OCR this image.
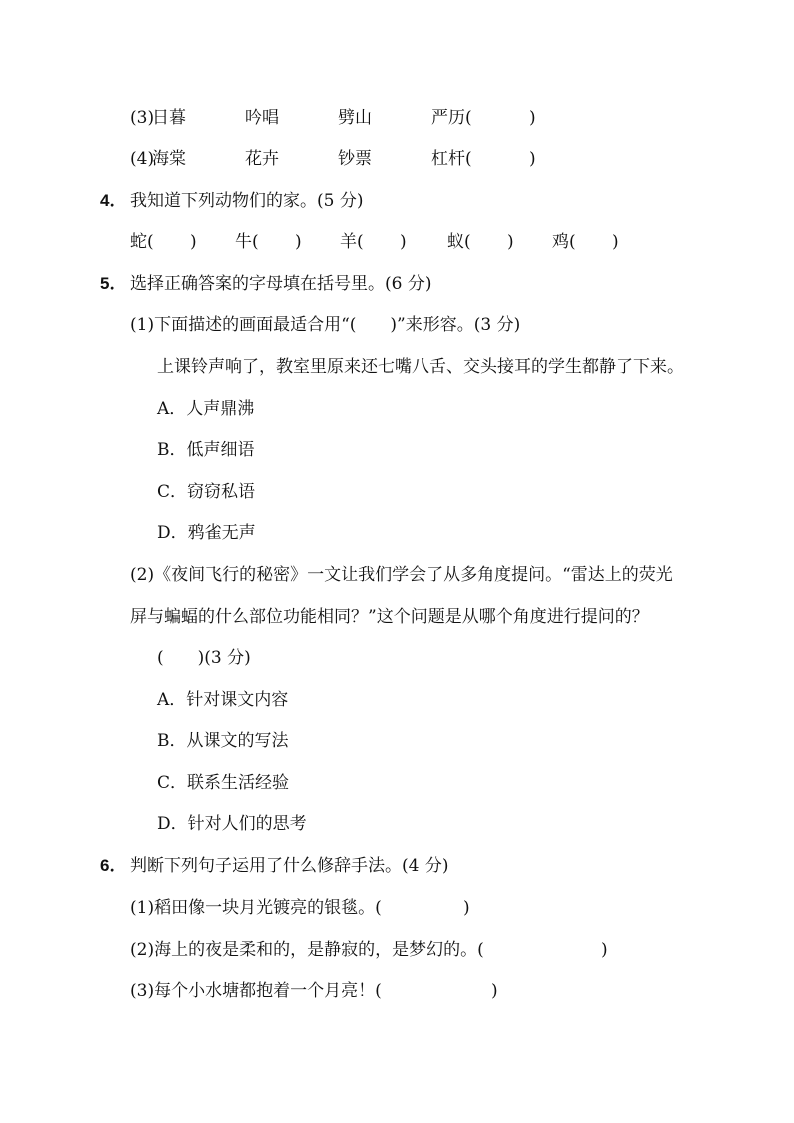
(3)
日暮	吟唱	劈山	严历(	)
(4)
海棠	花卉	钞票	杠杆(	)
4． 我知道下列动物们的家。(5 分)
蛇( ) 牛( ) 羊( ) 蚁( ) 鸡( )
5． 选择正确答案的字母填在括号里。(6 分)
(1)下面描述的画面最适合用“(　　)”来形容。(3 分)
上课铃声响了，教室里原来还七嘴八舌、交头接耳的学生都静了下来。
A．人声鼎沸
B．低声细语
C．窃窃私语
D．鸦雀无声
(2)《夜间飞行的秘密》一文让我们学会了从多角度提问。“雷达上的荧光
屏与蝙蝠的什么部位功能相同？”这个问题是从哪个角度进行提问的？
(　　)(3 分)
A．针对课文内容
B．从课文的写法
C．联系生活经验
D．针对人们的思考
6． 判断下列句子运用了什么修辞手法。(4 分)
(1)稻田像一块月光镀亮的银毯。(	)
(2)海上的夜是柔和的，是静寂的，是梦幻的。(	)
(3)每个小水塘都抱着一个月亮！(	)
